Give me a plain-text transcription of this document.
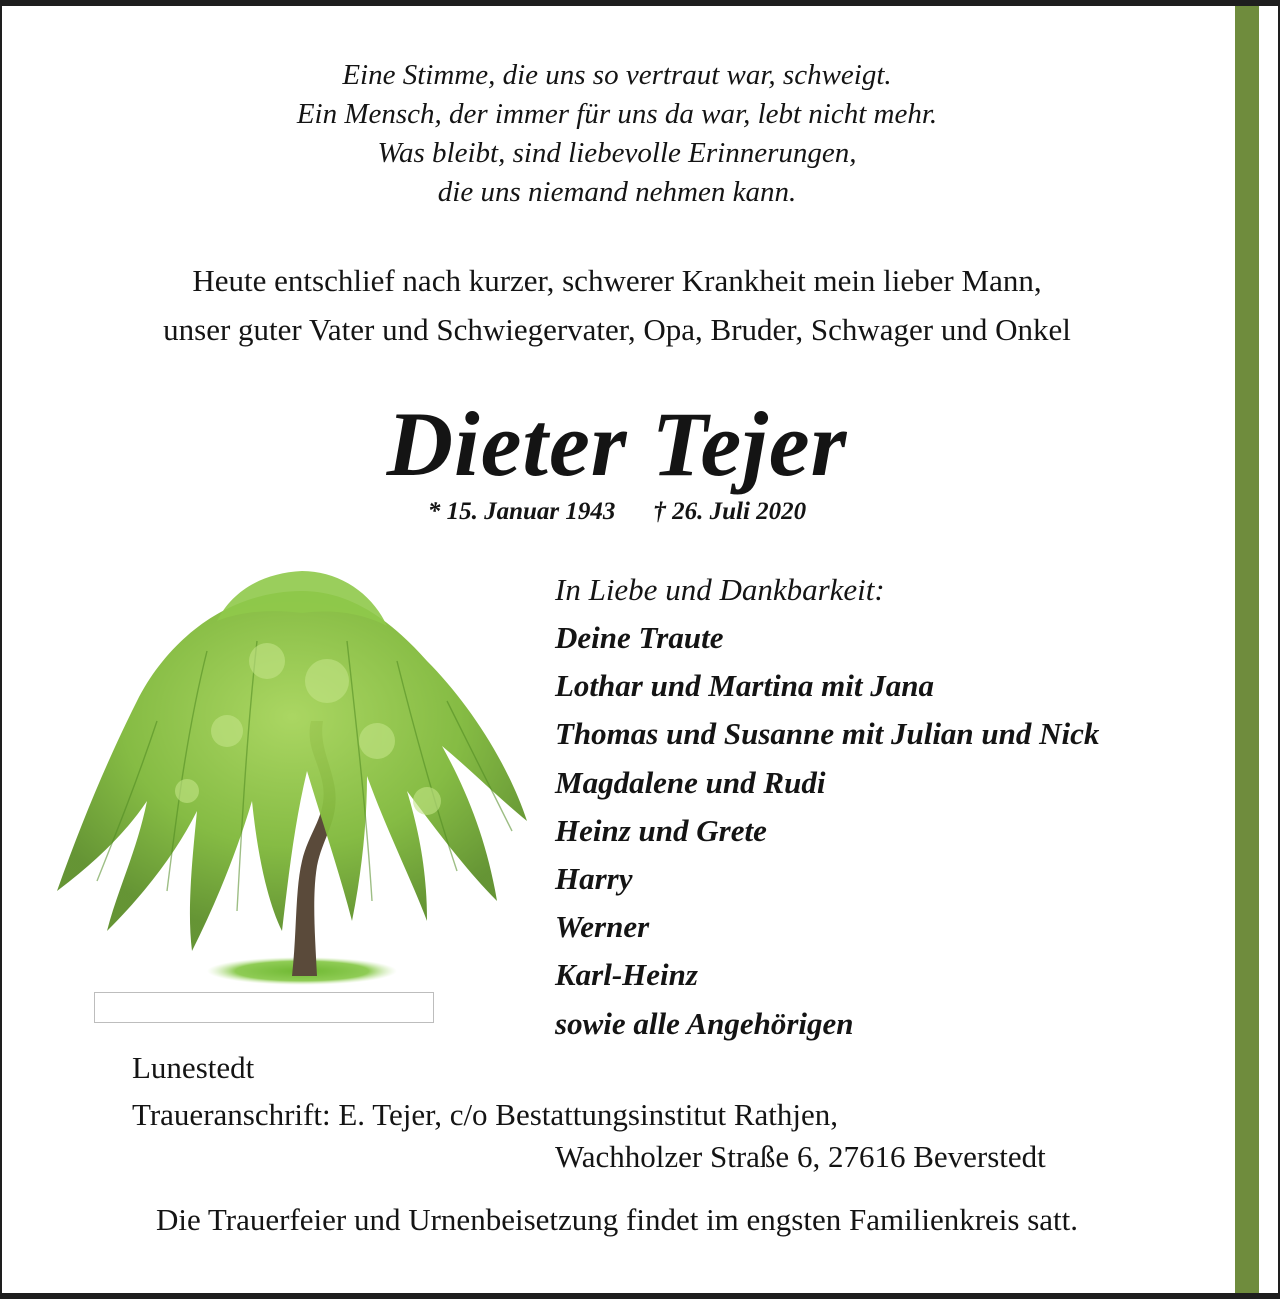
Eine Stimme, die uns so vertraut war, schweigt.
Ein Mensch, der immer für uns da war, lebt nicht mehr.
Was bleibt, sind liebevolle Erinnerungen,
die uns niemand nehmen kann.
Heute entschlief nach kurzer, schwerer Krankheit mein lieber Mann,
unser guter Vater und Schwiegervater, Opa, Bruder, Schwager und Onkel
Dieter Tejer
* 15. Januar 1943 † 26. Juli 2020
In Liebe und Dankbarkeit:
Deine Traute
Lothar und Martina mit Jana
Thomas und Susanne mit Julian und Nick
Magdalene und Rudi
Heinz und Grete
Harry
Werner
Karl-Heinz
sowie alle Angehörigen
Lunestedt
Traueranschrift: E. Tejer, c/o Bestattungsinstitut Rathjen,
Wachholzer Straße 6, 27616 Beverstedt
Die Trauerfeier und Urnenbeisetzung findet im engsten Familienkreis satt.
